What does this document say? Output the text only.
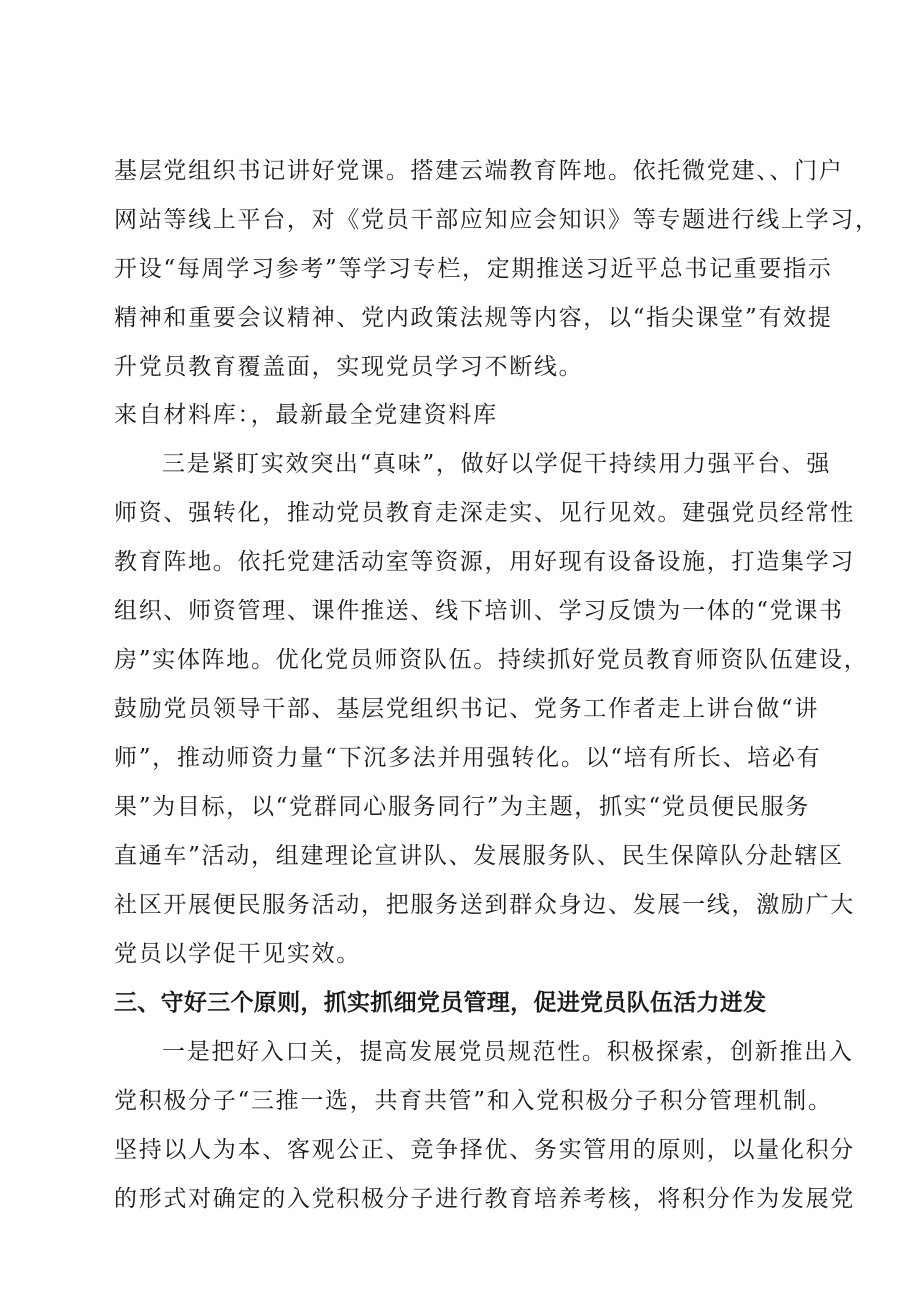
基层党组织书记讲好党课。搭建云端教育阵地。依托微党建、、门户
网站等线上平台，对《党员干部应知应会知识》等专题进行线上学习，
开设“每周学习参考”等学习专栏，定期推送习近平总书记重要指示
精神和重要会议精神、党内政策法规等内容，以“指尖课堂”有效提
升党员教育覆盖面，实现党员学习不断线。
来自材料库：，最新最全党建资料库
三是紧盯实效突出“真味”，做好以学促干持续用力强平台、强
师资、强转化，推动党员教育走深走实、见行见效。建强党员经常性
教育阵地。依托党建活动室等资源，用好现有设备设施，打造集学习
组织、师资管理、课件推送、线下培训、学习反馈为一体的“党课书
房”实体阵地。优化党员师资队伍。持续抓好党员教育师资队伍建设，
鼓励党员领导干部、基层党组织书记、党务工作者走上讲台做“讲
师”，推动师资力量“下沉多法并用强转化。以“培有所长、培必有
果”为目标，以“党群同心服务同行”为主题，抓实“党员便民服务
直通车”活动，组建理论宣讲队、发展服务队、民生保障队分赴辖区
社区开展便民服务活动，把服务送到群众身边、发展一线，激励广大
党员以学促干见实效。
三、守好三个原则，抓实抓细党员管理，促进党员队伍活力迸发
一是把好入口关，提高发展党员规范性。积极探索，创新推出入
党积极分子“三推一选，共育共管”和入党积极分子积分管理机制。
坚持以人为本、客观公正、竞争择优、务实管用的原则，以量化积分
的形式对确定的入党积极分子进行教育培养考核，将积分作为发展党
